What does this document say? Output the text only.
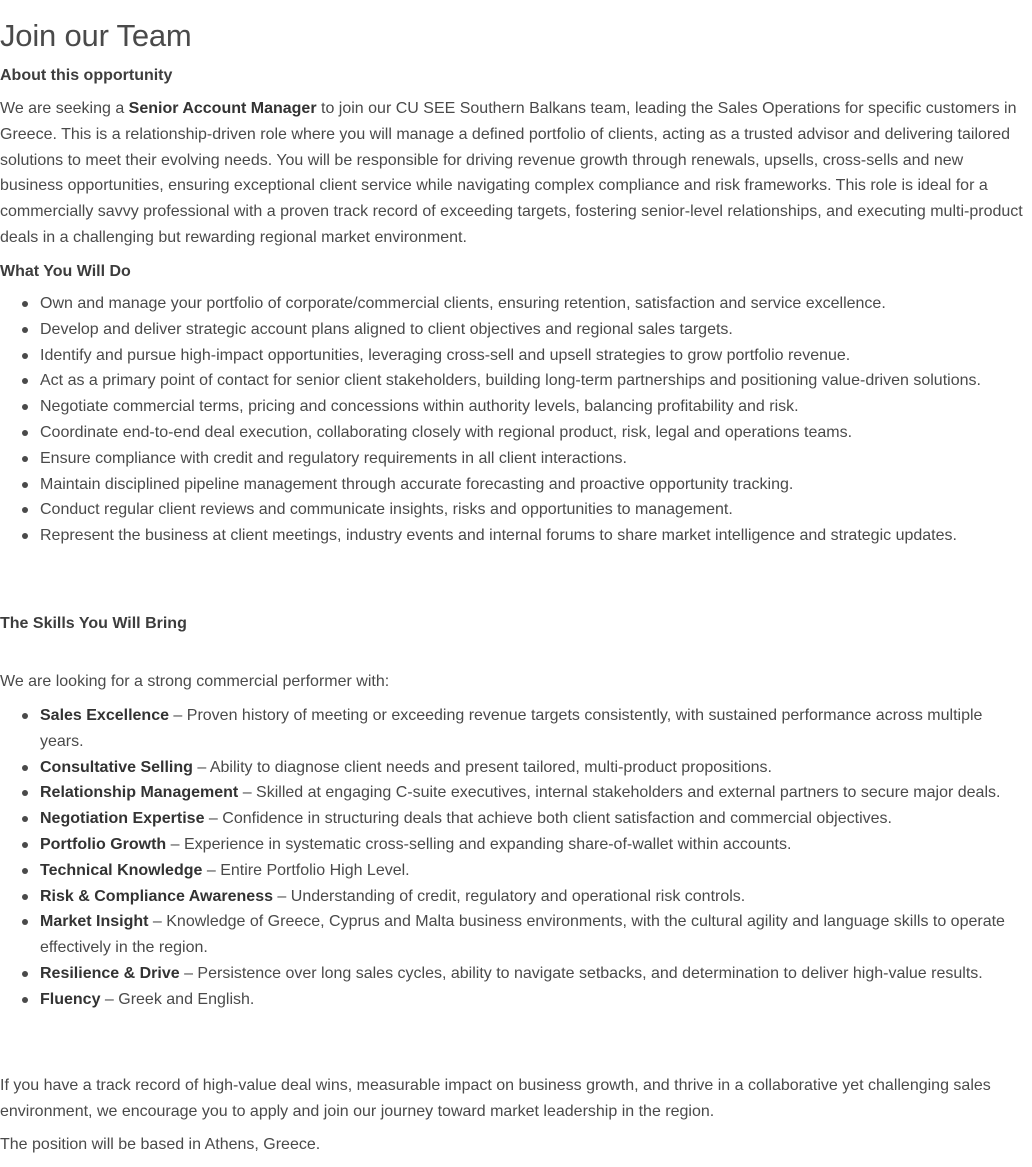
Join our Team
About this opportunity

We are seeking a Senior Account Manager to join our CU SEE Southern Balkans team, leading the Sales Operations for specific customers in Greece. This is a relationship-driven role where you will manage a defined portfolio of clients, acting as a trusted advisor and delivering tailored solutions to meet their evolving needs. You will be responsible for driving revenue growth through renewals, upsells, cross-sells and new business opportunities, ensuring exceptional client service while navigating complex compliance and risk frameworks. This role is ideal for a commercially savvy professional with a proven track record of exceeding targets, fostering senior-level relationships, and executing multi-product deals in a challenging but rewarding regional market environment.

What You Will Do
Own and manage your portfolio of corporate/commercial clients, ensuring retention, satisfaction and service excellence.
Develop and deliver strategic account plans aligned to client objectives and regional sales targets.
Identify and pursue high-impact opportunities, leveraging cross-sell and upsell strategies to grow portfolio revenue.
Act as a primary point of contact for senior client stakeholders, building long-term partnerships and positioning value-driven solutions.
Negotiate commercial terms, pricing and concessions within authority levels, balancing profitability and risk.
Coordinate end-to-end deal execution, collaborating closely with regional product, risk, legal and operations teams.
Ensure compliance with credit and regulatory requirements in all client interactions.
Maintain disciplined pipeline management through accurate forecasting and proactive opportunity tracking.
Conduct regular client reviews and communicate insights, risks and opportunities to management.
Represent the business at client meetings, industry events and internal forums to share market intelligence and strategic updates.
The Skills You Will Bring

We are looking for a strong commercial performer with:

Sales Excellence – Proven history of meeting or exceeding revenue targets consistently, with sustained performance across multiple years.
Consultative Selling – Ability to diagnose client needs and present tailored, multi-product propositions.
Relationship Management – Skilled at engaging C-suite executives, internal stakeholders and external partners to secure major deals.
Negotiation Expertise – Confidence in structuring deals that achieve both client satisfaction and commercial objectives.
Portfolio Growth – Experience in systematic cross-selling and expanding share-of-wallet within accounts.
Technical Knowledge – Entire Portfolio High Level.
Risk & Compliance Awareness – Understanding of credit, regulatory and operational risk controls.
Market Insight – Knowledge of Greece, Cyprus and Malta business environments, with the cultural agility and language skills to operate effectively in the region.
Resilience & Drive – Persistence over long sales cycles, ability to navigate setbacks, and determination to deliver high-value results.
Fluency – Greek and English.

If you have a track record of high-value deal wins, measurable impact on business growth, and thrive in a collaborative yet challenging sales environment, we encourage you to apply and join our journey toward market leadership in the region.

The position will be based in Athens, Greece.
